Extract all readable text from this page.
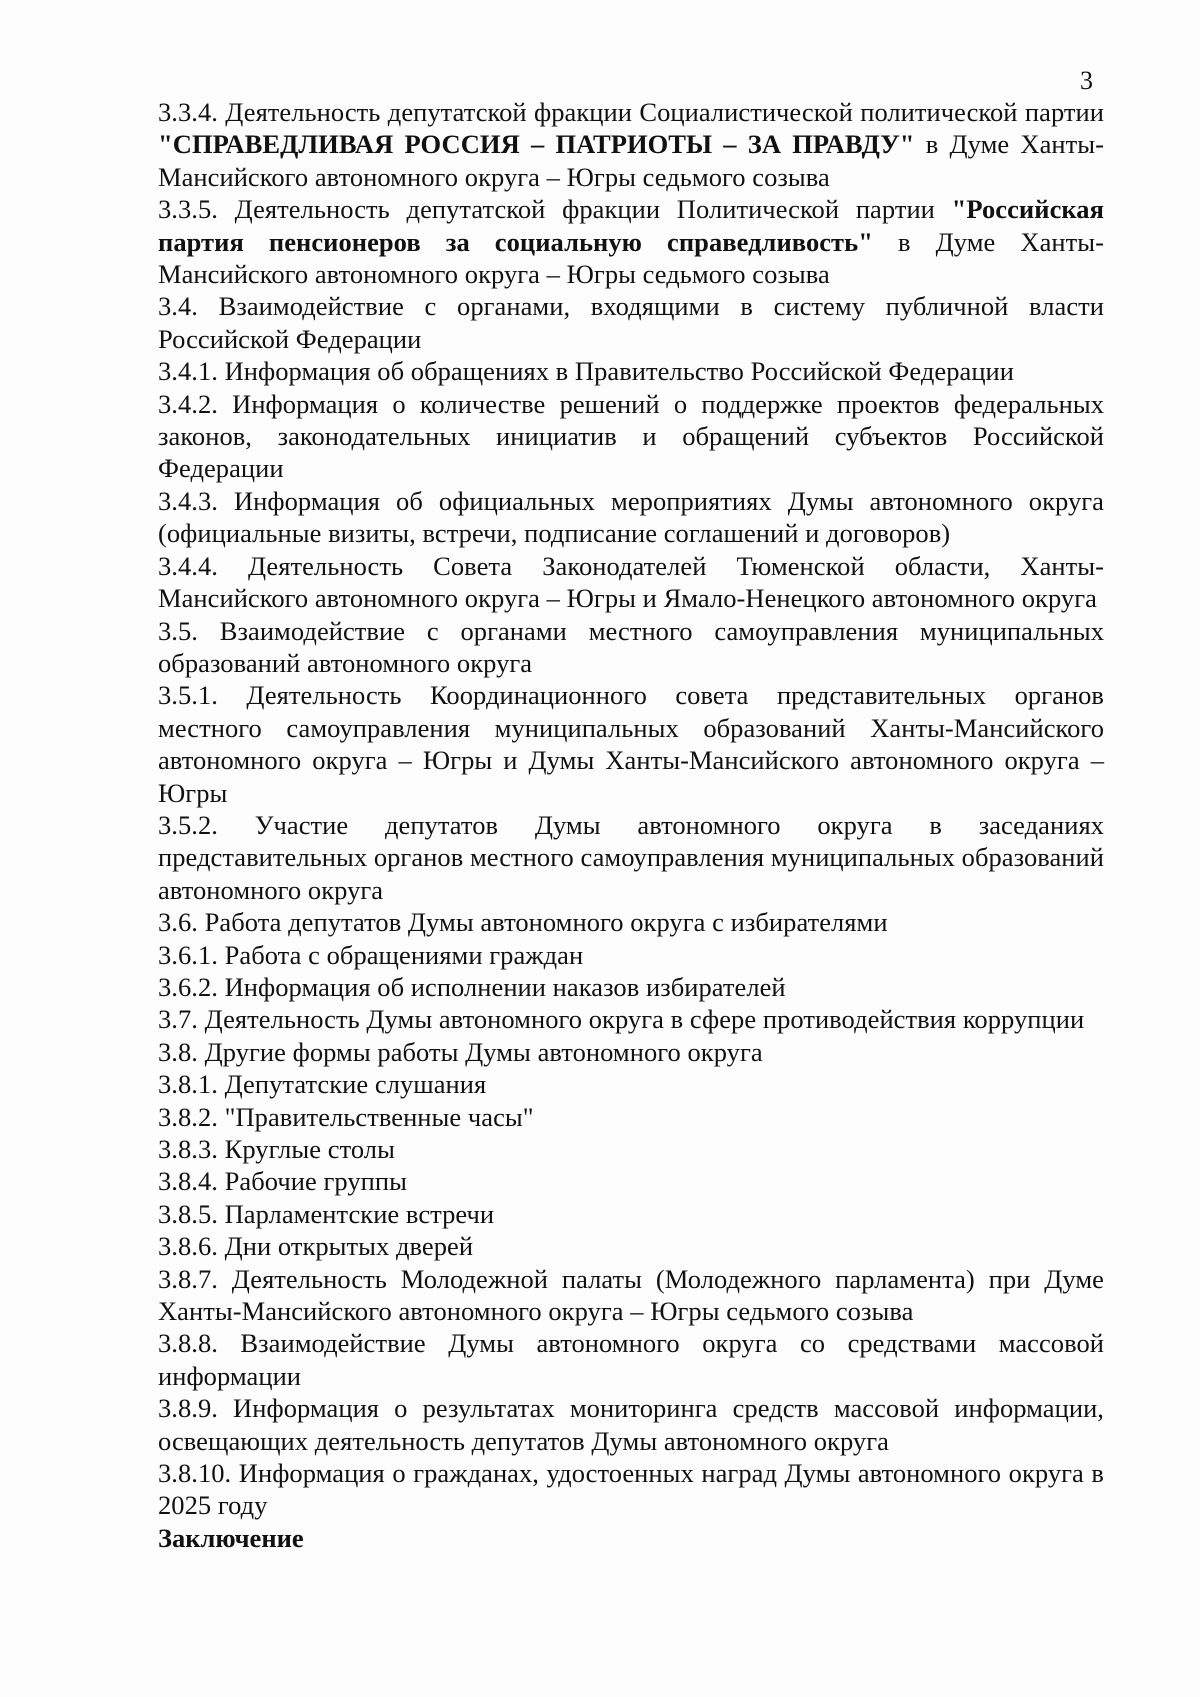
3

3.3.4. Деятельность депутатской фракции Социалистической политической партии "СПРАВЕДЛИВАЯ РОССИЯ – ПАТРИОТЫ – ЗА ПРАВДУ" в Думе Ханты-Мансийского автономного округа – Югры седьмого созыва

3.3.5. Деятельность депутатской фракции Политической партии "Российская партия пенсионеров за социальную справедливость" в Думе Ханты-Мансийского автономного округа – Югры седьмого созыва

3.4. Взаимодействие с органами, входящими в систему публичной власти Российской Федерации

3.4.1. Информация об обращениях в Правительство Российской Федерации

3.4.2. Информация о количестве решений о поддержке проектов федеральных законов, законодательных инициатив и обращений субъектов Российской Федерации

3.4.3. Информация об официальных мероприятиях Думы автономного округа (официальные визиты, встречи, подписание соглашений и договоров)

3.4.4. Деятельность Совета Законодателей Тюменской области, Ханты-Мансийского автономного округа – Югры и Ямало-Ненецкого автономного округа

3.5. Взаимодействие с органами местного самоуправления муниципальных образований автономного округа

3.5.1. Деятельность Координационного совета представительных органов местного самоуправления муниципальных образований Ханты-Мансийского автономного округа – Югры и Думы Ханты-Мансийского автономного округа – Югры

3.5.2. Участие депутатов Думы автономного округа в заседаниях представительных органов местного самоуправления муниципальных образований автономного округа

3.6. Работа депутатов Думы автономного округа с избирателями

3.6.1. Работа с обращениями граждан

3.6.2. Информация об исполнении наказов избирателей

3.7. Деятельность Думы автономного округа в сфере противодействия коррупции

3.8. Другие формы работы Думы автономного округа

3.8.1. Депутатские слушания

3.8.2. "Правительственные часы"

3.8.3. Круглые столы

3.8.4. Рабочие группы

3.8.5. Парламентские встречи

3.8.6. Дни открытых дверей

3.8.7. Деятельность Молодежной палаты (Молодежного парламента) при Думе Ханты-Мансийского автономного округа – Югры седьмого созыва

3.8.8. Взаимодействие Думы автономного округа со средствами массовой информации

3.8.9. Информация о результатах мониторинга средств массовой информации, освещающих деятельность депутатов Думы автономного округа

3.8.10. Информация о гражданах, удостоенных наград Думы автономного округа в 2025 году

Заключение
